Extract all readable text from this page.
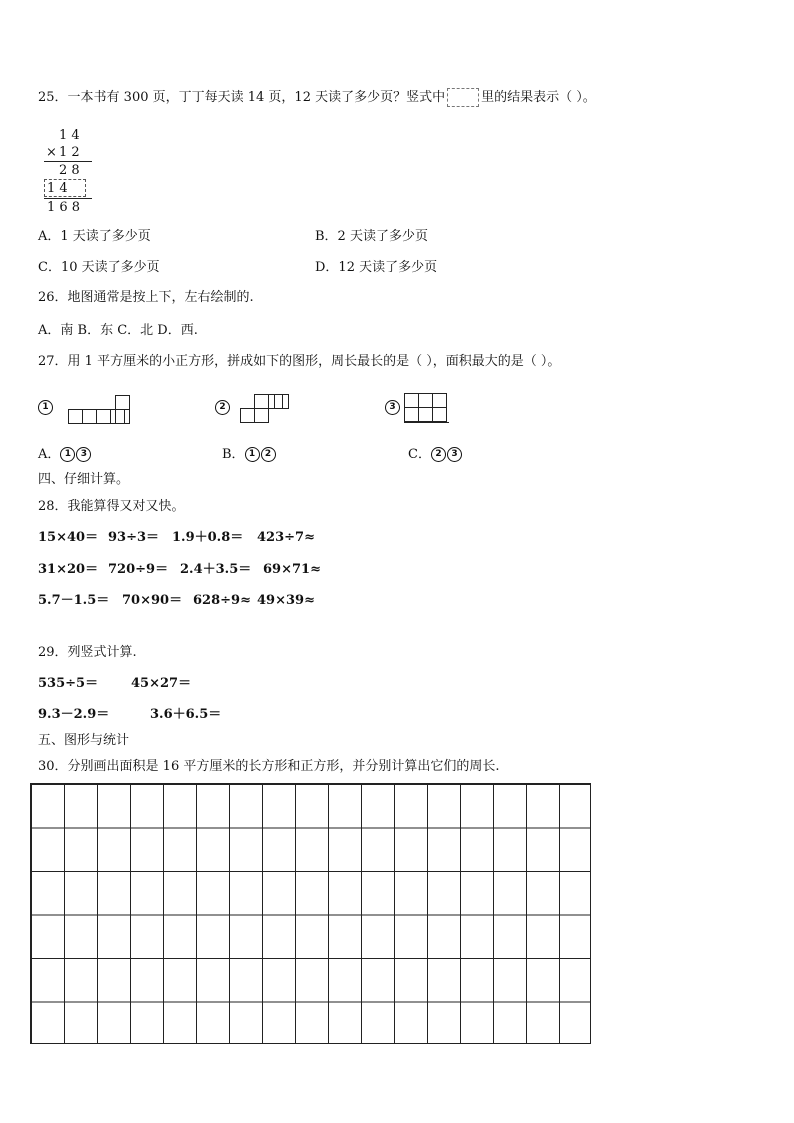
25．一本书有 300 页，丁丁每天读 14 页，12 天读了多少页？竖式中	里的结果表示（ ）。
1 4
× 1 2
2 8
1 4
1 6 8
A．1 天读了多少页	B．2 天读了多少页
C．10 天读了多少页	D．12 天读了多少页
26．地图通常是按上下，左右绘制的.
A．南 B．东 C．北 D．西.
27．用 1 平方厘米的小正方形，拼成如下的图形，周长最长的是（ ），面积最大的是（ ）。
1	2	3
A． 1 3	B． 1 2	C． 2 3
四、仔细计算。
28．我能算得又对又快。
15×40＝ 93÷3＝ 1.9＋0.8＝ 423÷7≈
31×20＝ 720÷9＝ 2.4＋3.5＝ 69×71≈
5.7－1.5＝ 70×90＝ 628÷9≈ 49×39≈
29．列竖式计算.
535÷5＝	45×27＝
9.3－2.9＝	3.6＋6.5＝
五、图形与统计
30．分别画出面积是 16 平方厘米的长方形和正方形，并分别计算出它们的周长.
